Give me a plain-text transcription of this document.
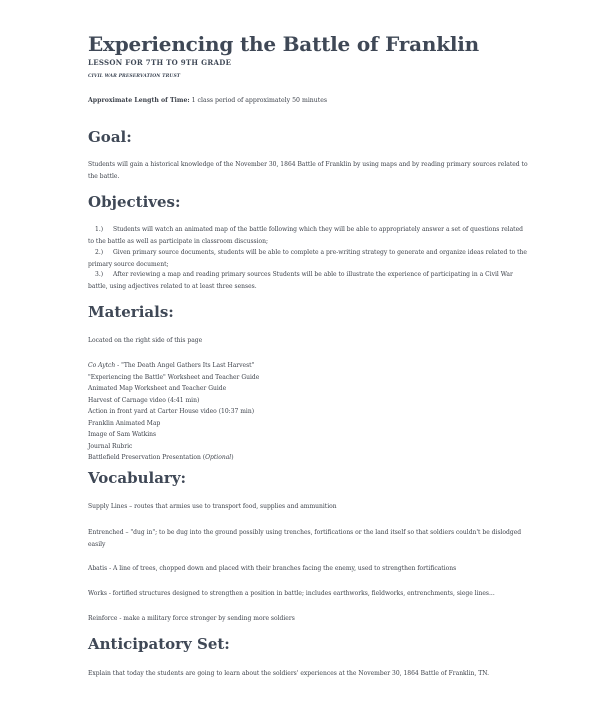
Experiencing the Battle of Franklin
LESSON FOR 7TH TO 9TH GRADE
CIVIL WAR PRESERVATION TRUST
Approximate Length of Time: 1 class period of approximately 50 minutes
Goal:
Students will gain a historical knowledge of the November 30, 1864 Battle of Franklin by using maps and by reading primary sources related to the battle.
Objectives:
1.) Students will watch an animated map of the battle following which they will be able to appropriately answer a set of questions related to the battle as well as participate in classroom discussion;
2.) Given primary source documents, students will be able to complete a pre-writing strategy to generate and organize ideas related to the primary source document;
3.) After reviewing a map and reading primary sources Students will be able to illustrate the experience of participating in a Civil War battle, using adjectives related to at least three senses.
Materials:
Located on the right side of this page
Co Aytch - "The Death Angel Gathers Its Last Harvest"
"Experiencing the Battle" Worksheet and Teacher Guide
Animated Map Worksheet and Teacher Guide
Harvest of Carnage video (4:41 min)
Action in front yard at Carter House video (10:37 min)
Franklin Animated Map
Image of Sam Watkins
Journal Rubric
Battlefield Preservation Presentation (Optional)
Vocabulary:
Supply Lines – routes that armies use to transport food, supplies and ammunition
Entrenched – "dug in"; to be dug into the ground possibly using trenches, fortifications or the land itself so that soldiers couldn't be dislodged easily
Abatis - A line of trees, chopped down and placed with their branches facing the enemy, used to strengthen fortifications
Works - fortified structures designed to strengthen a position in battle; includes earthworks, fieldworks, entrenchments, siege lines...
Reinforce - make a military force stronger by sending more soldiers
Anticipatory Set:
Explain that today the students are going to learn about the soldiers' experiences at the November 30, 1864 Battle of Franklin, TN.
